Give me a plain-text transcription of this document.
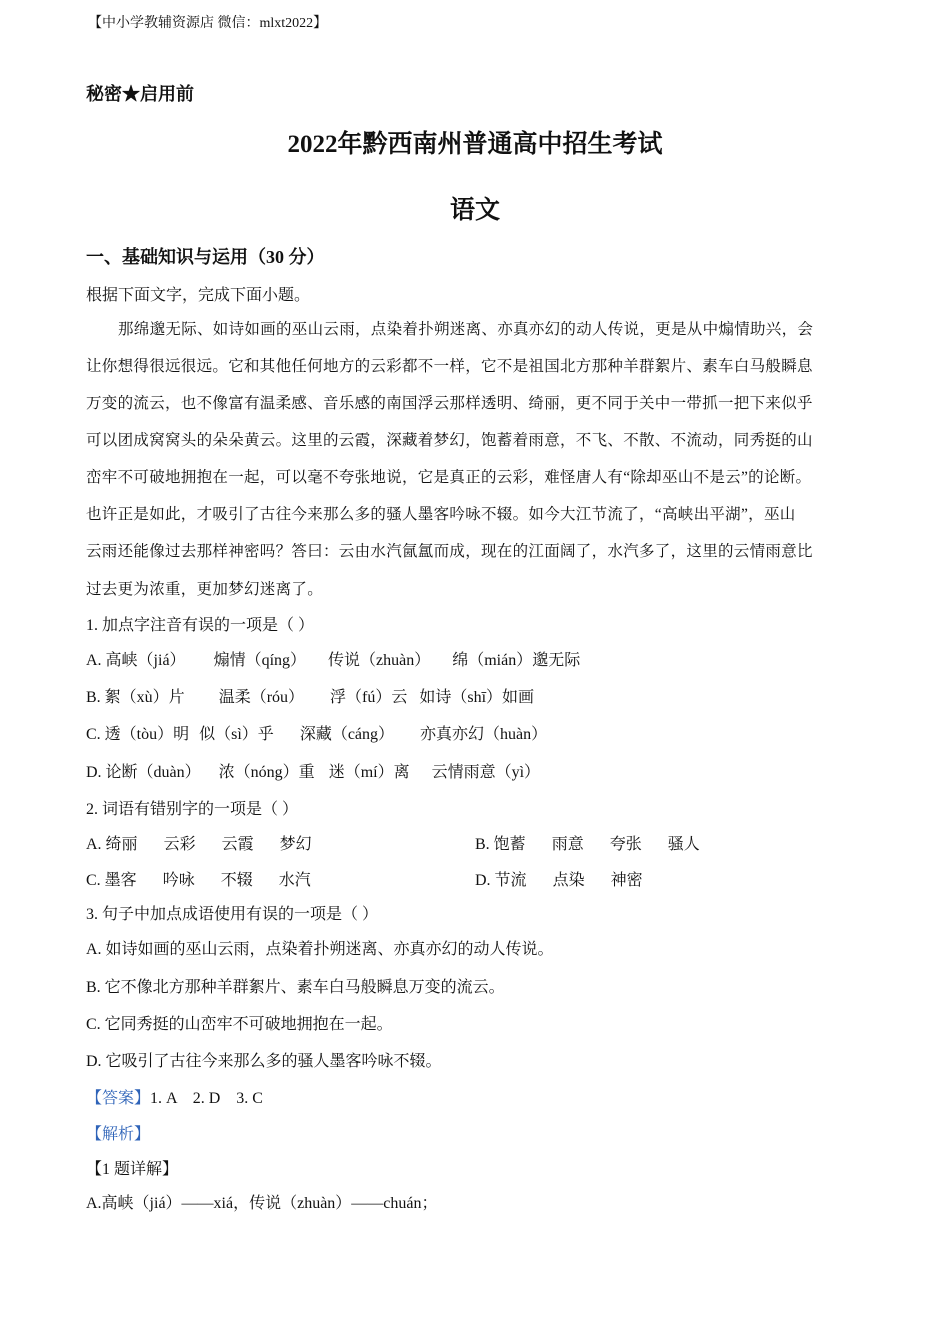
【中小学教辅资源店 微信：mlxt2022】
秘密★启用前
2022年黔西南州普通高中招生考试
语文
一、基础知识与运用（30 分）
根据下面文字，完成下面小题。
那绵邈无际、如诗如画的巫山云雨，点染着扑朔迷离、亦真亦幻的动人传说，更是从中煽情助兴，会
让你想得很远很远。它和其他任何地方的云彩都不一样，它不是祖国北方那种羊群絮片、素车白马般瞬息
万变的流云，也不像富有温柔感、音乐感的南国浮云那样透明、绮丽，更不同于关中一带抓一把下来似乎
可以团成窝窝头的朵朵黄云。这里的云霞，深藏着梦幻，饱蓄着雨意，不飞、不散、不流动，同秀挺的山
峦牢不可破地拥抱在一起，可以毫不夸张地说，它是真正的云彩，难怪唐人有“除却巫山不是云”的论断。
也许正是如此，才吸引了古往今来那么多的骚人墨客吟咏不辍。如今大江节流了，“高峡出平湖”，巫山
云雨还能像过去那样神密吗？答曰：云由水汽氤氲而成，现在的江面阔了，水汽多了，这里的云情雨意比
过去更为浓重，更加梦幻迷离了。
1. 加点字注音有误的一项是（ ）
A. 高峡（jiá） 煽情（qíng） 传说（zhuàn） 绵（mián）邈无际
B. 絮（xù）片 温柔（róu） 浮（fú）云 如诗（shī）如画
C. 透（tòu）明 似（sì）乎 深藏（cáng） 亦真亦幻（huàn）
D. 论断（duàn） 浓（nóng）重 迷（mí）离 云情雨意（yì）
2. 词语有错别字的一项是（ ）
A. 绮丽 云彩 云霞 梦幻	B. 饱蓄 雨意 夸张 骚人
C. 墨客 吟咏 不辍 水汽	D. 节流 点染 神密
3. 句子中加点成语使用有误的一项是（ ）
A. 如诗如画的巫山云雨，点染着扑朔迷离、亦真亦幻的动人传说。
B. 它不像北方那种羊群絮片、素车白马般瞬息万变的流云。
C. 它同秀挺的山峦牢不可破地拥抱在一起。
D. 它吸引了古往今来那么多的骚人墨客吟咏不辍。
【答案】1. A    2. D    3. C
【解析】
【1 题详解】
A.高峡（jiá）——xiá，传说（zhuàn）——chuán；
